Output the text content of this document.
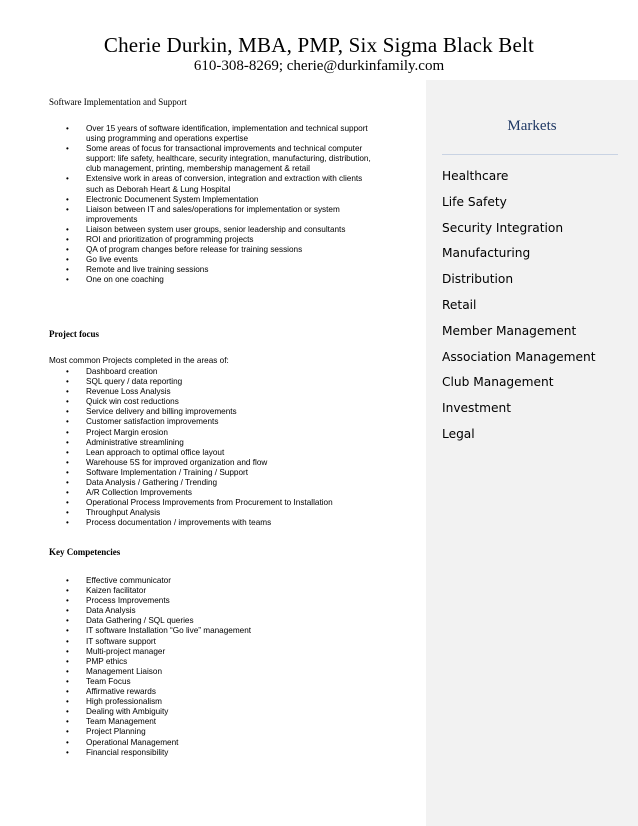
Cherie Durkin, MBA, PMP, Six Sigma Black Belt
610-308-8269; cherie@durkinfamily.com
Markets
Healthcare
Life Safety
Security Integration
Manufacturing
Distribution
Retail
Member Management
Association Management
Club Management
Investment
Legal
Software Implementation and Support
• Over 15 years of software identification, implementation and technical support using programming and operations expertise
• Some areas of focus for transactional improvements and technical computer support: life safety, healthcare, security integration, manufacturing, distribution, club management, printing, membership management & retail
• Extensive work in areas of conversion, integration and extraction with clients such as Deborah Heart & Lung Hospital
• Electronic Documenent System Implementation
• Liaison between IT and sales/operations for implementation or system improvements
• Liaison between system user groups, senior leadership and consultants
• ROI and prioritization of programming projects
• QA of program changes before release for training sessions
• Go live events
• Remote and live training sessions
• One on one coaching
Project focus
Most common Projects completed in the areas of:
• Dashboard creation
• SQL query / data reporting
• Revenue Loss Analysis
• Quick win cost reductions
• Service delivery and billing improvements
• Customer satisfaction improvements
• Project Margin erosion
• Administrative streamlining
• Lean approach to optimal office layout
• Warehouse 5S for improved organization and flow
• Software Implementation / Training / Support
• Data Analysis / Gathering / Trending
• A/R Collection Improvements
• Operational Process Improvements from Procurement to Installation
• Throughput Analysis
• Process documentation / improvements with teams
Key Competencies
• Effective communicator
• Kaizen facilitator
• Process Improvements
• Data Analysis
• Data Gathering / SQL queries
• IT software Installation “Go live” management
• IT software support
• Multi-project manager
• PMP ethics
• Management Liaison
• Team Focus
• Affirmative rewards
• High professionalism
• Dealing with Ambiguity
• Team Management
• Project Planning
• Operational Management
• Financial responsibility
